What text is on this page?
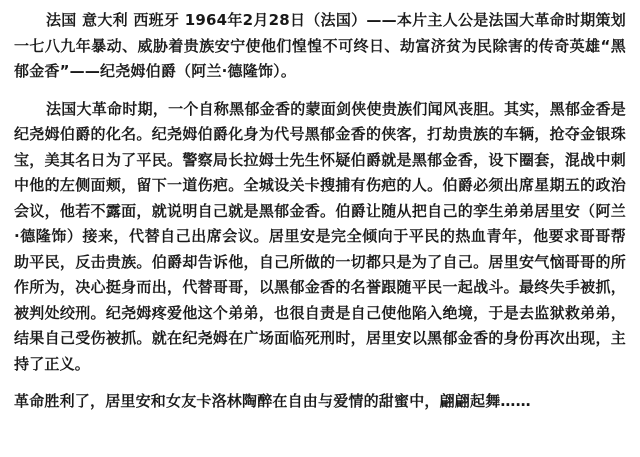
法国 意大利 西班牙 1964年2月28日（法国）——本片主人公是法国大革命时期策划一七八九年暴动、威胁着贵族安宁使他们惶惶不可终日、劫富济贫为民除害的传奇英雄“黑郁金香”——纪尧姆伯爵（阿兰·德隆饰）。

法国大革命时期，一个自称黑郁金香的蒙面剑侠使贵族们闻风丧胆。其实，黑郁金香是纪尧姆伯爵的化名。纪尧姆伯爵化身为代号黑郁金香的侠客，打劫贵族的车辆，抢夺金银珠宝，美其名日为了平民。警察局长拉姆士先生怀疑伯爵就是黑郁金香，设下圈套，混战中刺中他的左侧面颊，留下一道伤疤。全城设关卡搜捕有伤疤的人。伯爵必须出席星期五的政治会议，他若不露面，就说明自己就是黑郁金香。伯爵让随从把自己的孪生弟弟居里安（阿兰·德隆饰）接来，代替自己出席会议。居里安是完全倾向于平民的热血青年，他要求哥哥帮助平民，反击贵族。伯爵却告诉他，自己所做的一切都只是为了自己。居里安气恼哥哥的所作所为，决心挺身而出，代替哥哥，以黑郁金香的名誉跟随平民一起战斗。最终失手被抓，被判处绞刑。纪尧姆疼爱他这个弟弟，也很自责是自己使他陷入绝境，于是去监狱救弟弟，结果自己受伤被抓。就在纪尧姆在广场面临死刑时，居里安以黑郁金香的身份再次出现，主持了正义。

革命胜利了，居里安和女友卡洛林陶醉在自由与爱情的甜蜜中，翩翩起舞……
